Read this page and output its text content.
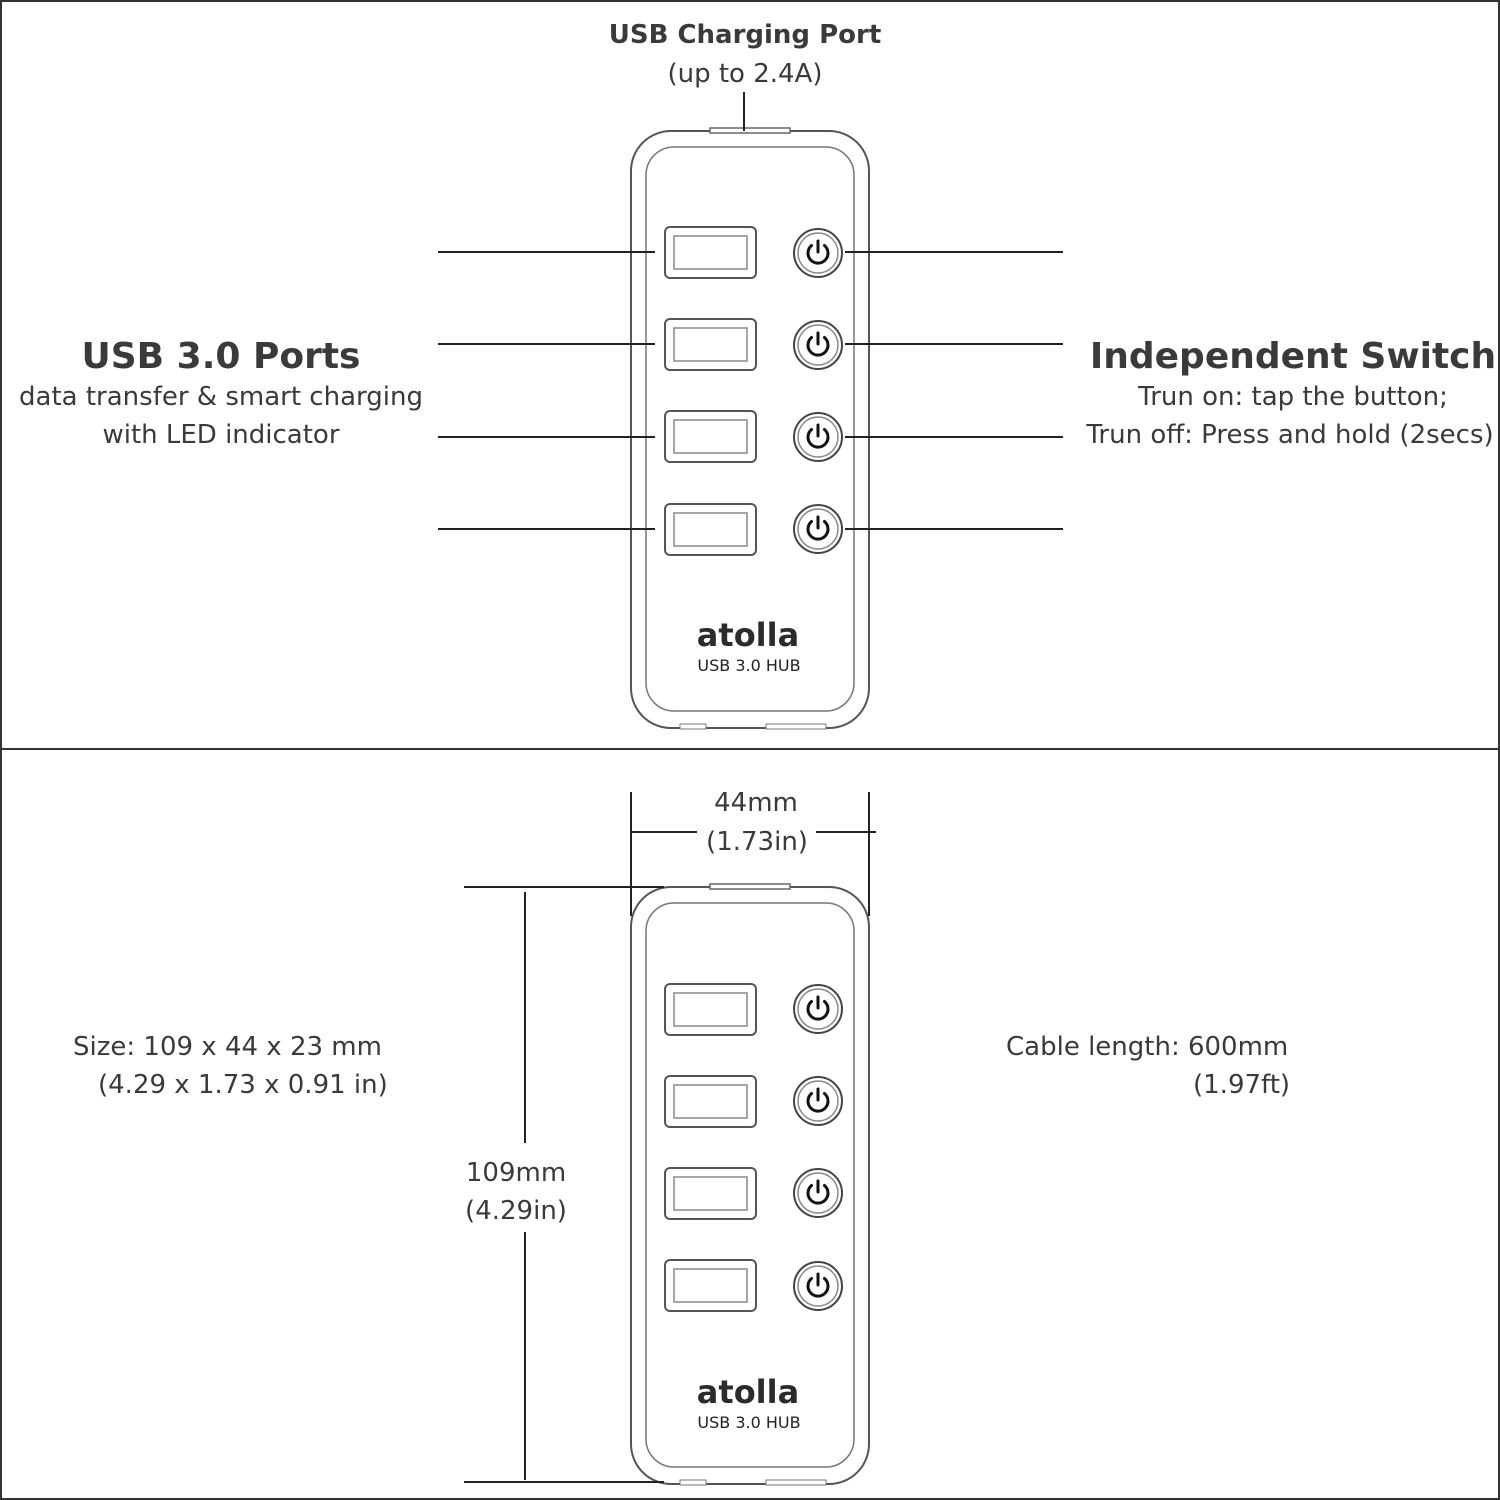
USB Charging Port
(up to 2.4A)
USB 3.0 Ports
data transfer & smart charging
with LED indicator
Independent Switch
Trun on: tap the button;
Trun off: Press and hold (2secs)
atolla
USB 3.0 HUB
atolla
USB 3.0 HUB
44mm
(1.73in)
109mm
(4.29in)
Size: 109 x 44 x 23 mm
(4.29 x 1.73 x 0.91 in)
Cable length: 600mm
(1.97ft)
